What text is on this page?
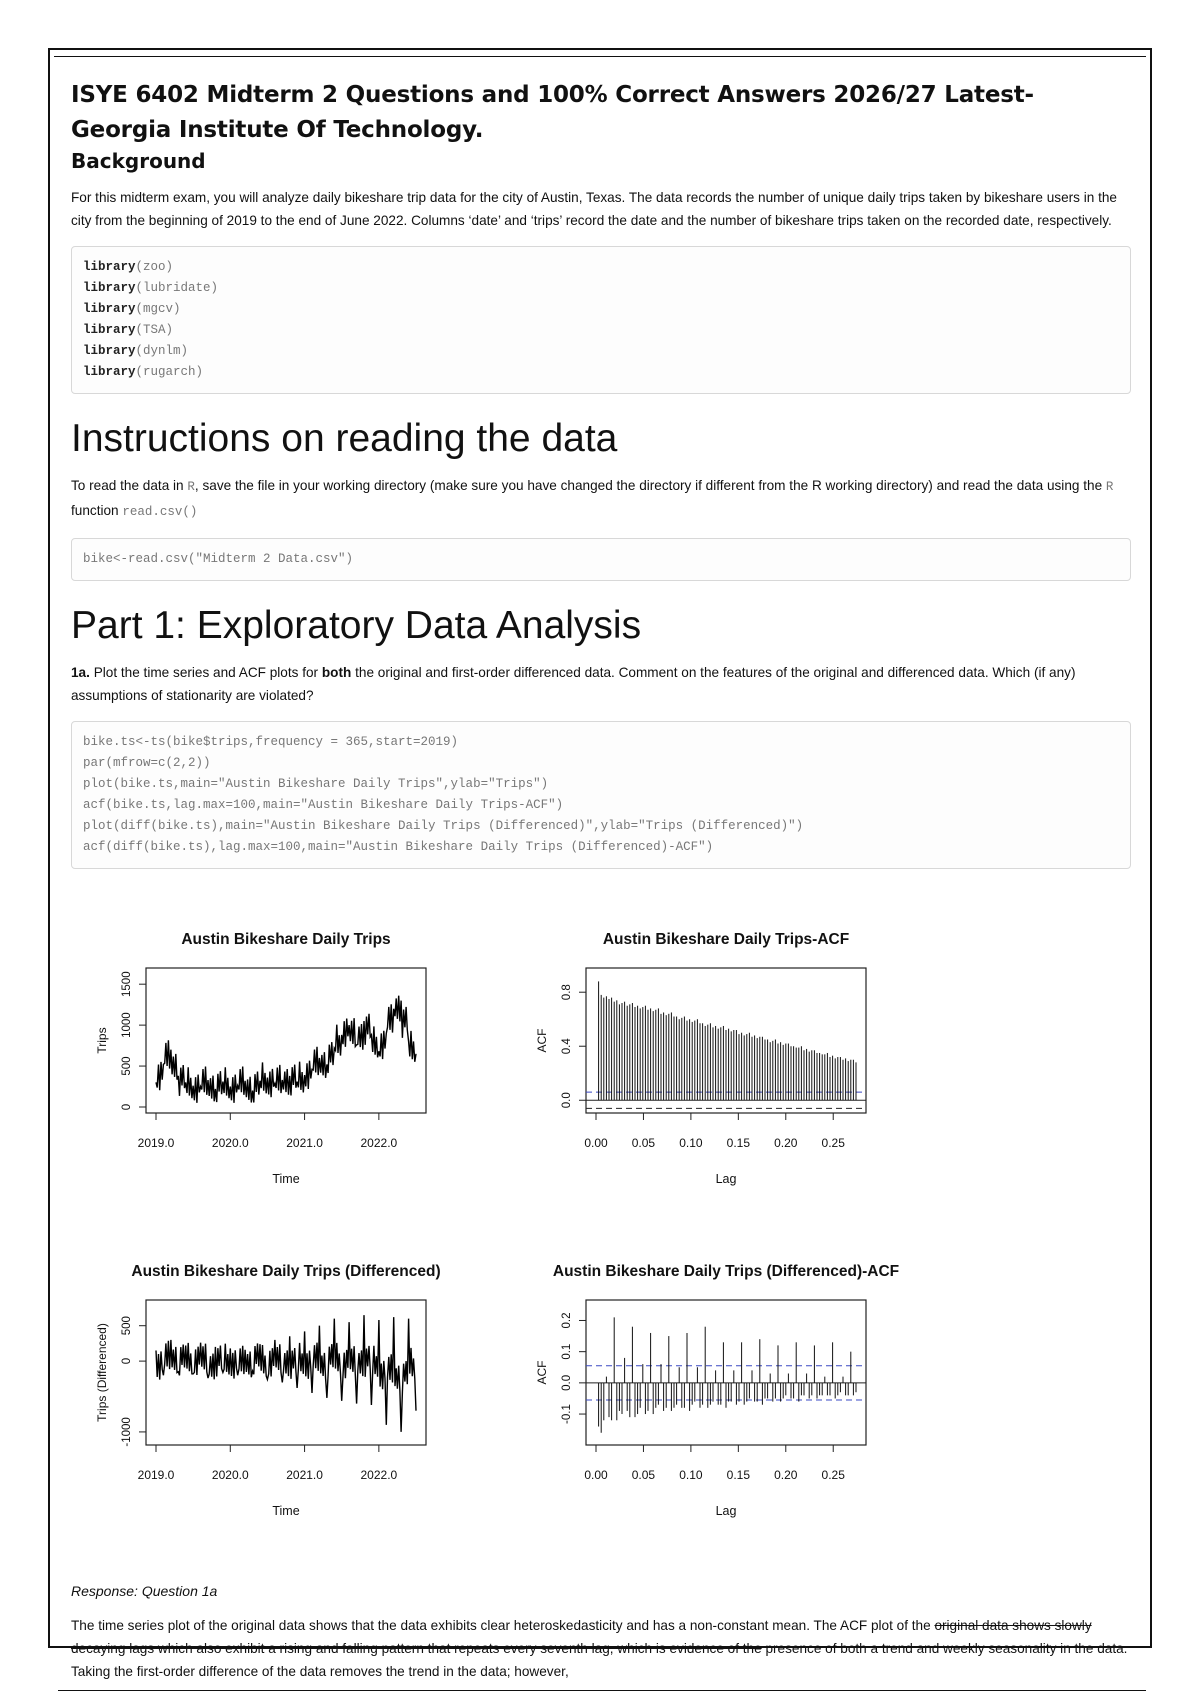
ISYE 6402 Midterm 2 Questions and 100% Correct Answers 2026/27 Latest- Georgia Institute Of Technology.
Background

For this midterm exam, you will analyze daily bikeshare trip data for the city of Austin, Texas. The data records the number of unique daily trips taken by bikeshare users in the city from the beginning of 2019 to the end of June 2022. Columns ‘date’ and ‘trips’ record the date and the number of bikeshare trips taken on the recorded date, respectively.

library(zoo)
library(lubridate)
library(mgcv)
library(TSA)
library(dynlm)
library(rugarch)
Instructions on reading the data

To read the data in R, save the file in your working directory (make sure you have changed the directory if different from the R working directory) and read the data using the R function read.csv()

bike<-read.csv("Midterm 2 Data.csv")
Part 1: Exploratory Data Analysis

1a. Plot the time series and ACF plots for both the original and first-order differenced data. Comment on the features of the original and differenced data. Which (if any) assumptions of stationarity are violated?

bike.ts<-ts(bike$trips,frequency = 365,start=2019)
par(mfrow=c(2,2))
plot(bike.ts,main="Austin Bikeshare Daily Trips",ylab="Trips")
acf(bike.ts,lag.max=100,main="Austin Bikeshare Daily Trips-ACF")
plot(diff(bike.ts),main="Austin Bikeshare Daily Trips (Differenced)",ylab="Trips (Differenced)")
acf(diff(bike.ts),lag.max=100,main="Austin Bikeshare Daily Trips (Differenced)-ACF")
Austin Bikeshare Daily Trips
Time
Trips
2019.0	2020.0	2021.0	2022.0
0
500
1000
1500
Austin Bikeshare Daily Trips-ACF
Lag
ACF
0.00 0.05 0.10 0.15 0.20 0.25
0.0
0.4
0.8
Austin Bikeshare Daily Trips (Differenced)
Time
Trips (Differenced)
2019.0	2020.0	2021.0	2022.0
-1000
0
500
Austin Bikeshare Daily Trips (Differenced)-ACF
Lag
ACF
0.00 0.05 0.10 0.15 0.20 0.25
-0.1
0.0
0.1
0.2
Response: Question 1a
The time series plot of the original data shows that the data exhibits clear heteroskedasticity and has a non-constant mean. The ACF plot of the original data shows slowly decaying lags which also exhibit a rising and falling pattern that repeats every seventh lag, which is evidence of the presence of both a trend and weekly seasonality in the data. Taking the first-order difference of the data removes the trend in the data; however,
